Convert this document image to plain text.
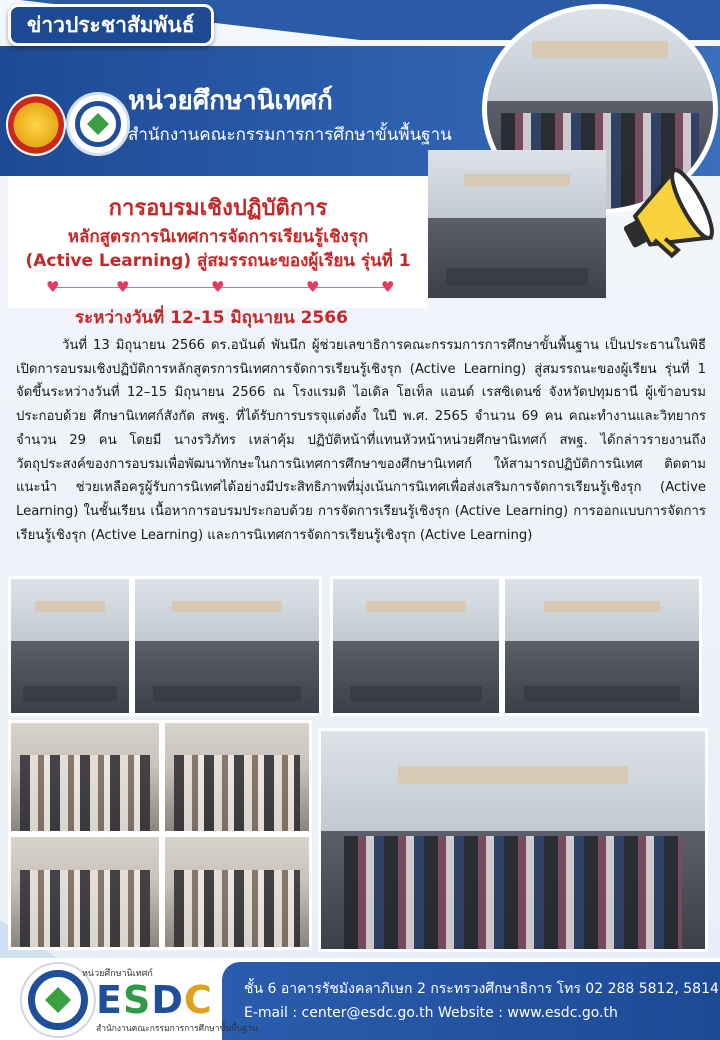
ข่าวประชาสัมพันธ์
หน่วยศึกษานิเทศก์
สำนักงานคณะกรรมการการศึกษาขั้นพื้นฐาน
การอบรมเชิงปฏิบัติการ
หลักสูตรการนิเทศการจัดการเรียนรู้เชิงรุก
(Active Learning) สู่สมรรถนะของผู้เรียน รุ่นที่ 1
♥	♥	♥	♥	♥
ระหว่างวันที่ 12-15 มิถุนายน 2566
วันที่ 13 มิถุนายน 2566 ดร.อนันต์ พันนึก ผู้ช่วยเลขาธิการคณะกรรมการการศึกษาขั้นพื้นฐาน เป็นประธานในพิธีเปิดการอบรมเชิงปฏิบัติการหลักสูตรการนิเทศการจัดการเรียนรู้เชิงรุก (Active Learning) สู่สมรรถนะของผู้เรียน รุ่นที่ 1 จัดขึ้นระหว่างวันที่ 12–15 มิถุนายน 2566 ณ โรงแรมดิ ไอเดิล โฮเท็ล แอนด์ เรสซิเดนซ์ จังหวัดปทุมธานี ผู้เข้าอบรมประกอบด้วย ศึกษานิเทศก์สังกัด สพฐ. ที่ได้รับการบรรจุแต่งตั้ง ในปี พ.ศ. 2565 จำนวน 69 คน คณะทำงานและวิทยากร จำนวน 29 คน โดยมี นางรวิภัทร เหล่าคุ้ม ปฏิบัติหน้าที่แทนหัวหน้าหน่วยศึกษานิเทศก์ สพฐ. ได้กล่าวรายงานถึงวัตถุประสงค์ของการอบรมเพื่อพัฒนาทักษะในการนิเทศการศึกษาของศึกษานิเทศก์ ให้สามารถปฏิบัติการนิเทศ ติดตาม แนะนำ ช่วยเหลือครูผู้รับการนิเทศได้อย่างมีประสิทธิภาพที่มุ่งเน้นการนิเทศเพื่อส่งเสริมการจัดการเรียนรู้เชิงรุก (Active Learning) ในชั้นเรียน เนื้อหาการอบรมประกอบด้วย การจัดการเรียนรู้เชิงรุก (Active Learning) การออกแบบการจัดการเรียนรู้เชิงรุก (Active Learning) และการนิเทศการจัดการเรียนรู้เชิงรุก (Active Learning)
หน่วยศึกษานิเทศก์
ESDC
สำนักงานคณะกรรมการการศึกษาขั้นพื้นฐาน
ชั้น 6 อาคารรัชมังคลาภิเษก 2 กระทรวงศึกษาธิการ โทร 02 288 5812, 5814
E-mail : center@esdc.go.th Website : www.esdc.go.th
